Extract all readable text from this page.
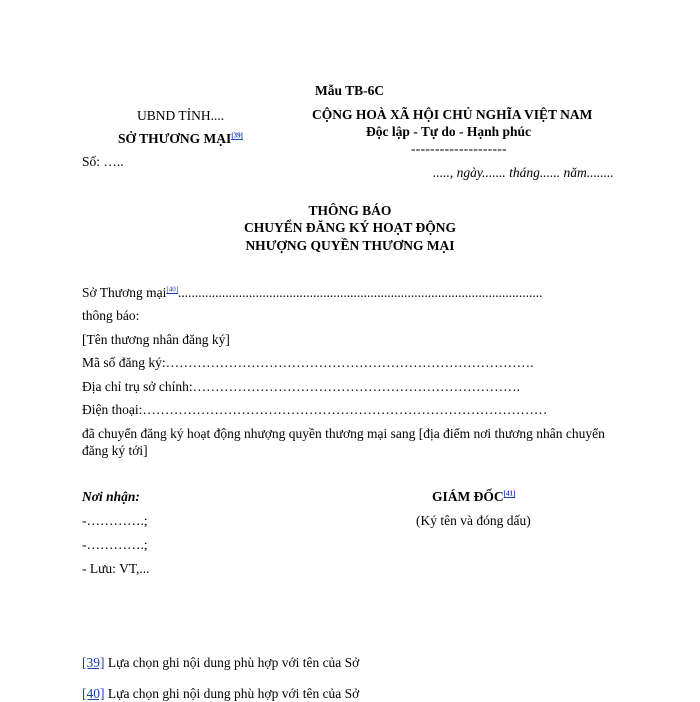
Mẫu TB-6C
UBND TỈNH....
SỞ THƯƠNG MẠI[39]
Số: …..
CỘNG HOÀ XÃ HỘI CHỦ NGHĨA VIỆT NAM
Độc lập - Tự do - Hạnh phúc
--------------------
....., ngày....... tháng...... năm........
THÔNG BÁO
CHUYỂN ĐĂNG KÝ HOẠT ĐỘNG
NHƯỢNG QUYỀN THƯƠNG MẠI
Sở Thương mại[40]............................................................................................................
thông báo:
[Tên thương nhân đăng ký]
Mã số đăng ký:……………………………………………………………………….
Địa chỉ trụ sở chính:……………………………………………………………….
Điện thoại:………………………………………………………………………………
đã chuyển đăng ký hoạt động nhượng quyền thương mại sang [địa điểm nơi thương nhân chuyển
đăng ký tới]
Nơi nhận:
-………….;
-………….;
- Lưu: VT,...
GIÁM ĐỐC[41]
(Ký tên và đóng dấu)
[39] Lựa chọn ghi nội dung phù hợp với tên của Sở
[40] Lựa chọn ghi nội dung phù hợp với tên của Sở
